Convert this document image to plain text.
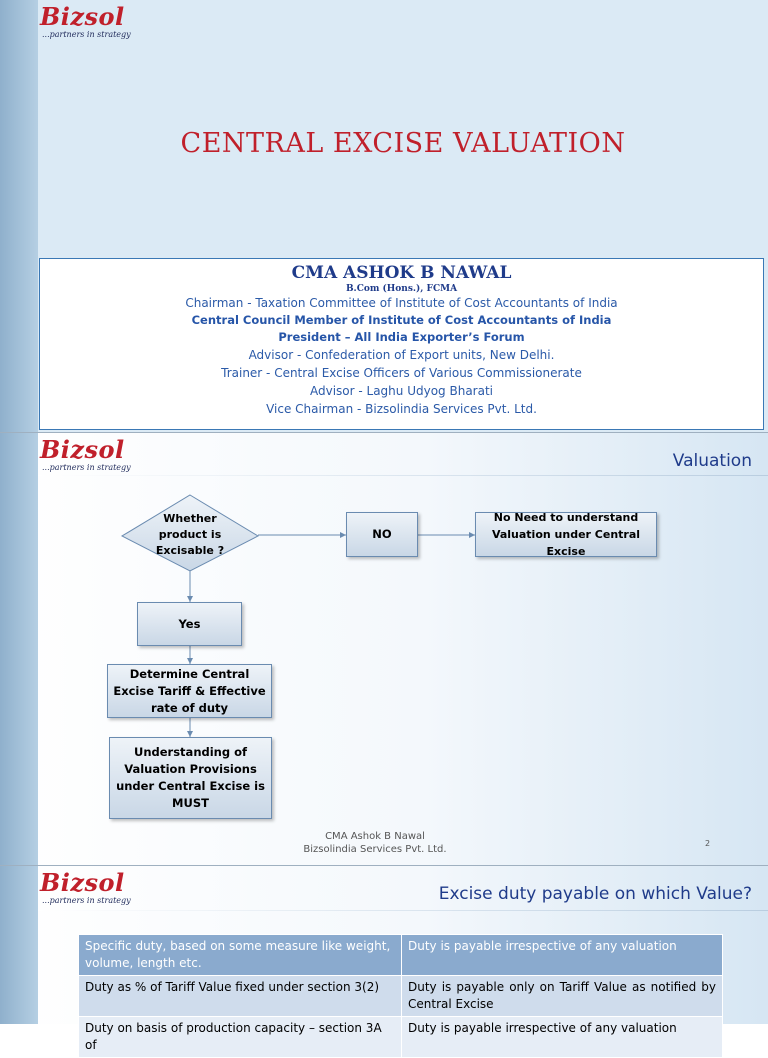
Bizsol
...partners in strategy
CENTRAL EXCISE VALUATION
CMA ASHOK B NAWAL
B.Com (Hons.), FCMA
Chairman - Taxation Committee of Institute of Cost Accountants of India
Central Council Member of Institute of Cost Accountants of India
President – All India Exporter’s Forum
Advisor - Confederation of Export units, New Delhi.
Trainer - Central Excise Officers of Various Commissionerate
Advisor - Laghu Udyog Bharati
Vice Chairman - Bizsolindia Services Pvt. Ltd.
Bizsol
...partners in strategy	Valuation
Whether product is Excisable ?
NO
No Need to understand Valuation under Central Excise
Yes
Determine Central Excise Tariff & Effective rate of duty
Understanding of Valuation Provisions under Central Excise is MUST
CMA Ashok B Nawal
Bizsolindia Services Pvt. Ltd.
2
Bizsol
...partners in strategy	Excise duty payable on which Value?
Specific duty, based on some measure like weight, volume, length etc.	Duty is payable irrespective of any valuation
Duty as % of Tariff Value fixed under section 3(2)	Duty is payable only on Tariff Value as notified by Central Excise
Duty on basis of production capacity – section 3A of	Duty is payable irrespective of any valuation
